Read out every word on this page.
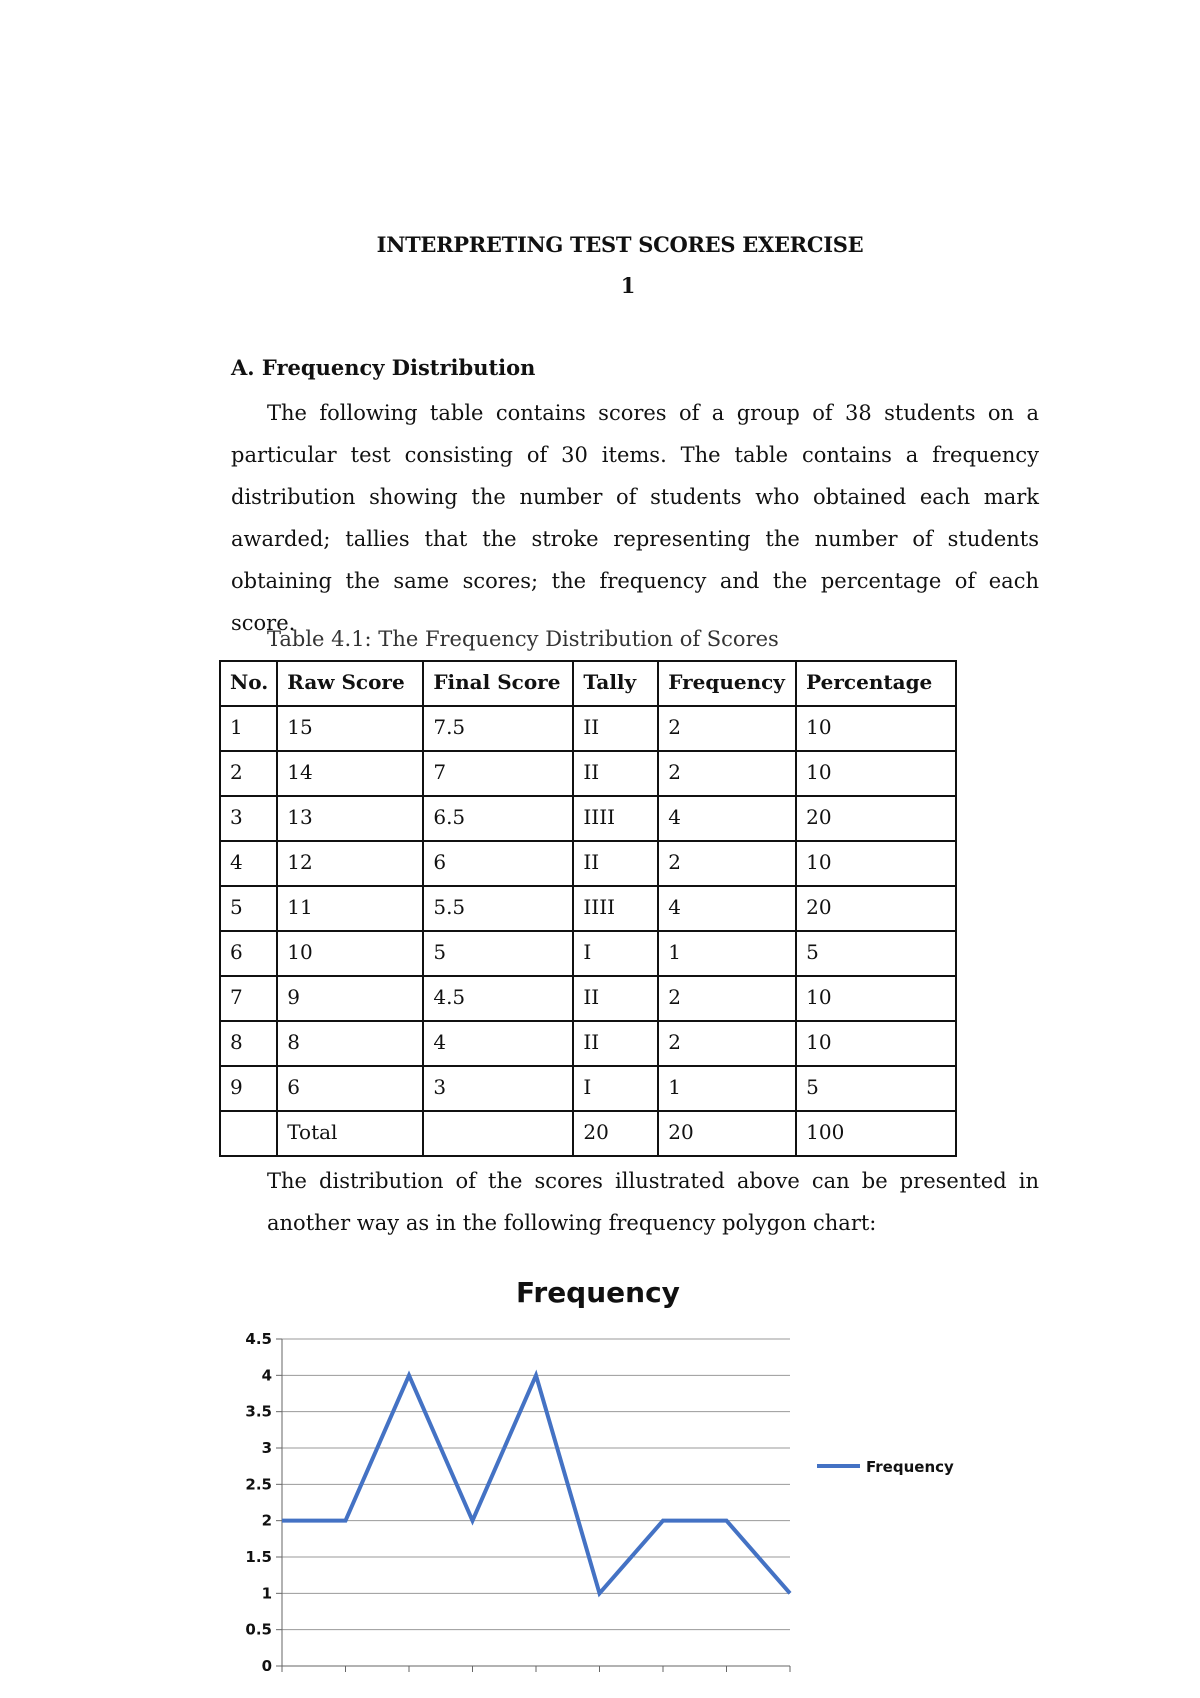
INTERPRETING TEST SCORES EXERCISE
1
A. Frequency Distribution
The following table contains scores of a group of 38 students on a particular test consisting of 30 items. The table contains a frequency distribution showing the number of students who obtained each mark awarded; tallies that the stroke representing the number of students obtaining the same scores; the frequency and the percentage of each score.
Table 4.1: The Frequency Distribution of Scores
No.	Raw Score	Final Score	Tally	Frequency	Percentage
1	15	7.5	II	2	10
2	14	7	II	2	10
3	13	6.5	IIII	4	20
4	12	6	II	2	10
5	11	5.5	IIII	4	20
6	10	5	I	1	5
7	9	4.5	II	2	10
8	8	4	II	2	10
9	6	3	I	1	5
	Total		20	20	100
The distribution of the scores illustrated above can be presented in another way as in the following frequency polygon chart:
Frequency
0
0.5
1
1.5
2
2.5
3
3.5
4
4.5
Frequency
